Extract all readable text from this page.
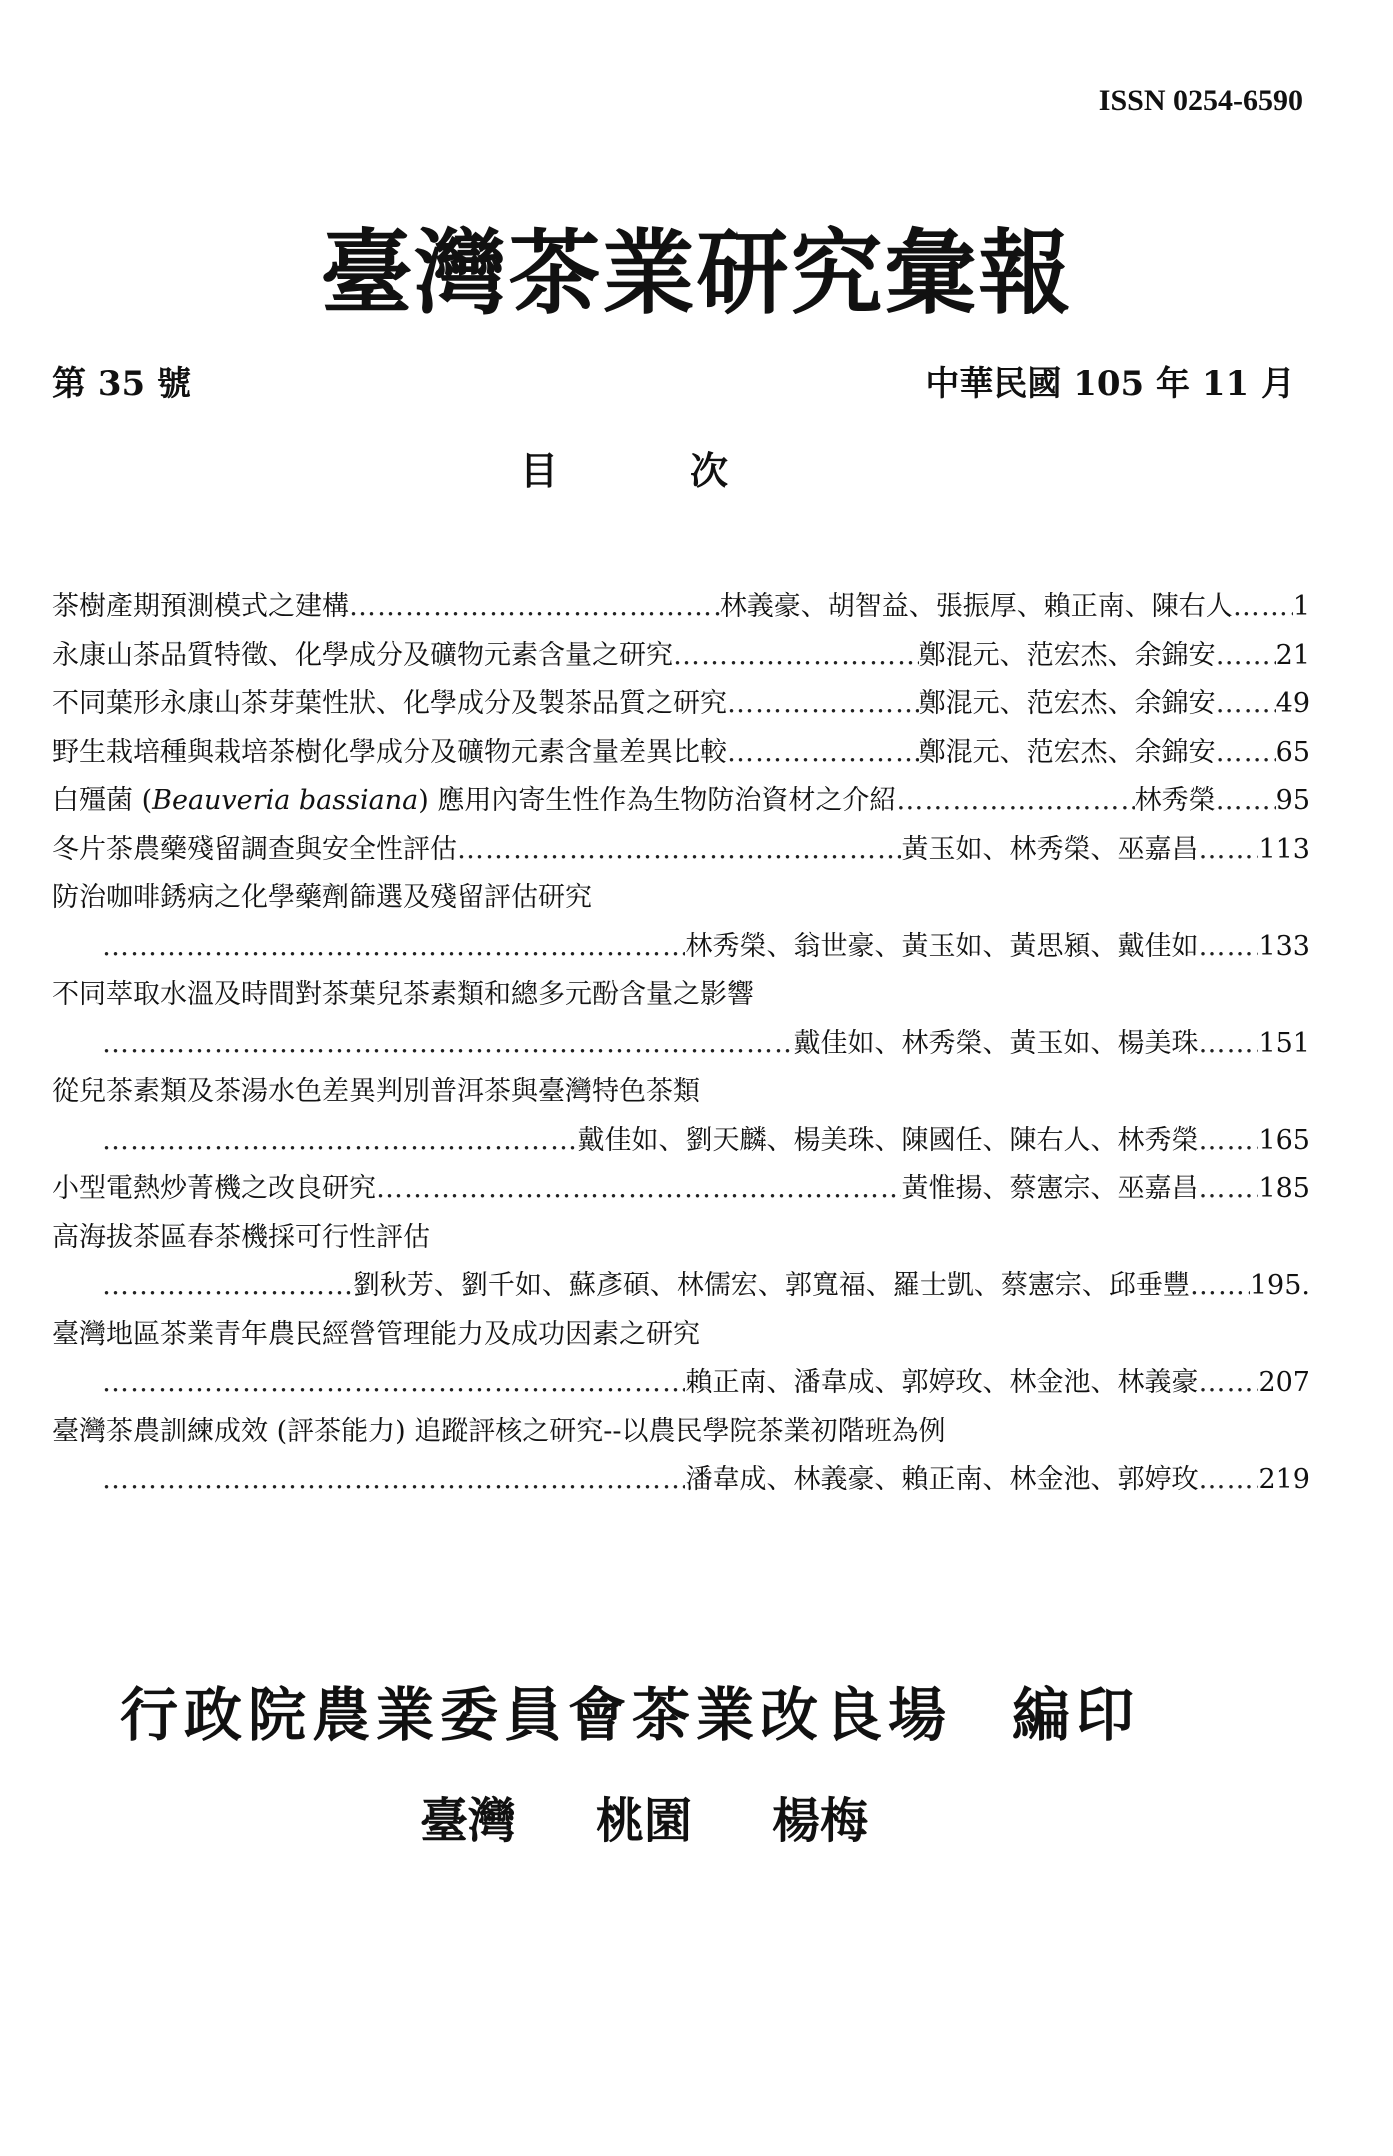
ISSN 0254-6590
臺灣茶業研究彙報
第 35 號	中華民國 105 年 11 月
目	次
茶樹產期預測模式之建構 ……………………………………………………………………………………………………………………………………………………………………	林義豪、胡智益、張振厚、賴正南、陳右人 …………………………………………………………………………………………………………………………………………………………………… 1
永康山茶品質特徵、化學成分及礦物元素含量之研究 ……………………………………………………………………………………………………………………………………………………………………	鄭混元、范宏杰、余錦安 …………………………………………………………………………………………………………………………………………………………………… 21
不同葉形永康山茶芽葉性狀、化學成分及製茶品質之研究 ……………………………………………………………………………………………………………………………………………………………………	鄭混元、范宏杰、余錦安 …………………………………………………………………………………………………………………………………………………………………… 49
野生栽培種與栽培茶樹化學成分及礦物元素含量差異比較 ……………………………………………………………………………………………………………………………………………………………………	鄭混元、范宏杰、余錦安 …………………………………………………………………………………………………………………………………………………………………… 65
白殭菌 (Beauveria bassiana) 應用內寄生性作為生物防治資材之介紹 ……………………………………………………………………………………………………………………………………………………………………	林秀榮 …………………………………………………………………………………………………………………………………………………………………… 95
冬片茶農藥殘留調查與安全性評估 ……………………………………………………………………………………………………………………………………………………………………	黃玉如、林秀榮、巫嘉昌 …………………………………………………………………………………………………………………………………………………………………… 113
防治咖啡銹病之化學藥劑篩選及殘留評估研究
……………………………………………………………………………………………………………………………………………………………………
林秀榮、翁世豪、黃玉如、黃思潁、戴佳如 …………………………………………………………………………………………………………………………………………………………………… 133
不同萃取水溫及時間對茶葉兒茶素類和總多元酚含量之影響
……………………………………………………………………………………………………………………………………………………………………
戴佳如、林秀榮、黃玉如、楊美珠 …………………………………………………………………………………………………………………………………………………………………… 151
從兒茶素類及茶湯水色差異判別普洱茶與臺灣特色茶類
……………………………………………………………………………………………………………………………………………………………………
戴佳如、劉天麟、楊美珠、陳國任、陳右人、林秀榮 …………………………………………………………………………………………………………………………………………………………………… 165
小型電熱炒菁機之改良研究 ……………………………………………………………………………………………………………………………………………………………………	黃惟揚、蔡憲宗、巫嘉昌 …………………………………………………………………………………………………………………………………………………………………… 185
高海拔茶區春茶機採可行性評估
……………………………………………………………………………………………………………………………………………………………………
劉秋芳、劉千如、蘇彥碩、林儒宏、郭寬福、羅士凱、蔡憲宗、邱垂豐 …………………………………………………………………………………………………………………………………………………………………… 195.
臺灣地區茶業青年農民經營管理能力及成功因素之研究
……………………………………………………………………………………………………………………………………………………………………
賴正南、潘韋成、郭婷玫、林金池、林義豪 …………………………………………………………………………………………………………………………………………………………………… 207
臺灣茶農訓練成效 (評茶能力) 追蹤評核之研究--以農民學院茶業初階班為例
……………………………………………………………………………………………………………………………………………………………………
潘韋成、林義豪、賴正南、林金池、郭婷玫 …………………………………………………………………………………………………………………………………………………………………… 219
行政院農業委員會茶業改良場 編印
臺灣 桃園 楊梅
